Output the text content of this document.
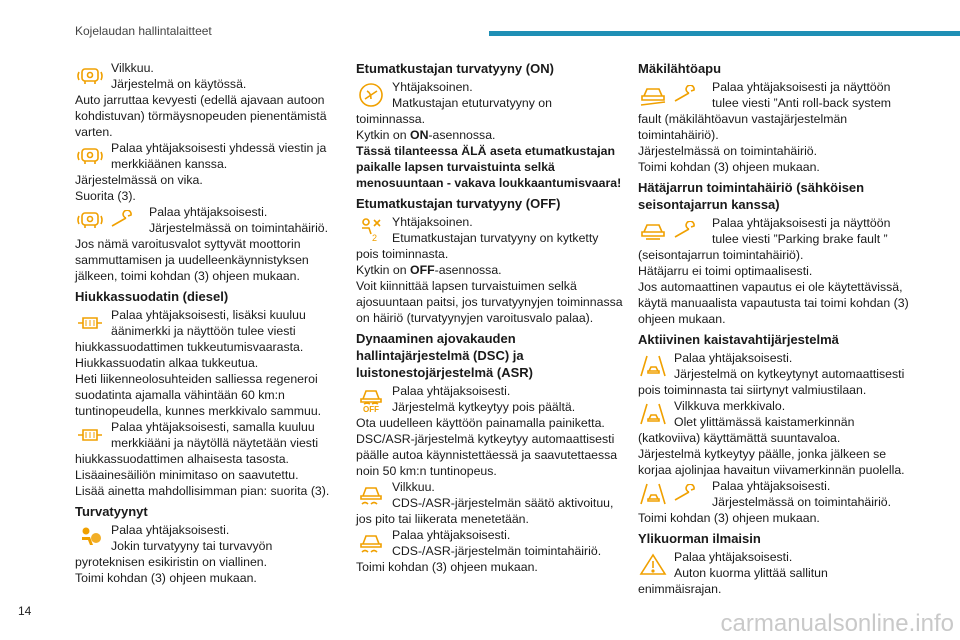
Kojelaudan hallintalaitteet
Vilkkuu.
Järjestelmä on käytössä.

Auto jarruttaa kevyesti (edellä ajavaan autoon kohdistuvan) törmäysnopeuden pienentämistä varten.

Palaa yhtäjaksoisesti yhdessä viestin ja merkkiäänen kanssa.

Järjestelmässä on vika.

Suorita (3).

Palaa yhtäjaksoisesti.
Järjestelmässä on toimintahäiriö.

Jos nämä varoitusvalot syttyvät moottorin sammuttamisen ja uudelleenkäynnistyksen jälkeen, toimi kohdan (3) ohjeen mukaan.

Hiukkassuodatin (diesel)
Palaa yhtäjaksoisesti, lisäksi kuuluu äänimerkki ja näyttöön tulee viesti

hiukkassuodattimen tukkeutumisvaarasta.

Hiukkassuodatin alkaa tukkeutua.

Heti liikenneolosuhteiden salliessa regeneroi suodatinta ajamalla vähintään 60 km:n tuntinopeudella, kunnes merkkivalo sammuu.

Palaa yhtäjaksoisesti, samalla kuuluu merkkiääni ja näytöllä näytetään viesti

hiukkassuodattimen alhaisesta tasosta.

Lisäainesäiliön minimitaso on saavutettu.

Lisää ainetta mahdollisimman pian: suorita (3).

Turvatyynyt
Palaa yhtäjaksoisesti.
Jokin turvatyyny tai turvavyön

pyroteknisen esikiristin on viallinen.

Toimi kohdan (3) ohjeen mukaan.

Etumatkustajan turvatyyny (ON)
Yhtäjaksoinen.
Matkustajan etuturvatyyny on

toiminnassa.

Kytkin on ON-asennossa.

Tässä tilanteessa ÄLÄ aseta etumatkustajan paikalle lapsen turvaistuinta selkä menosuuntaan - vakava loukkaantumisvaara!

Etumatkustajan turvatyyny (OFF)
2
Yhtäjaksoinen.
Etumatkustajan turvatyyny on kytketty

pois toiminnasta.

Kytkin on OFF-asennossa.

Voit kiinnittää lapsen turvaistuimen selkä ajosuuntaan paitsi, jos turvatyynyjen toiminnassa on häiriö (turvatyynyjen varoitusvalo palaa).

Dynaaminen ajovakauden hallintajärjestelmä (DSC) ja luistonestojärjestelmä (ASR)
OFF
Palaa yhtäjaksoisesti.
Järjestelmä kytkeytyy pois päältä.

Ota uudelleen käyttöön painamalla painiketta. DSC/ASR-järjestelmä kytkeytyy automaattisesti päälle autoa käynnistettäessä ja saavutettaessa noin 50 km:n tuntinopeus.

Vilkkuu.
CDS-/ASR-järjestelmän säätö aktivoituu,

jos pito tai liikerata menetetään.

Palaa yhtäjaksoisesti.
CDS-/ASR-järjestelmän toimintahäiriö.

Toimi kohdan (3) ohjeen mukaan.

Mäkilähtöapu
Palaa yhtäjaksoisesti ja näyttöön tulee viesti ”Anti roll-back system

fault (mäkilähtöavun vastajärjestelmän toimintahäiriö).

Järjestelmässä on toimintahäiriö.

Toimi kohdan (3) ohjeen mukaan.

Hätäjarrun toimintahäiriö (sähköisen seisontajarrun kanssa)
Palaa yhtäjaksoisesti ja näyttöön tulee viesti ”Parking brake fault ”

(seisontajarrun toimintahäiriö).

Hätäjarru ei toimi optimaalisesti.

Jos automaattinen vapautus ei ole käytettävissä, käytä manuaalista vapautusta tai toimi kohdan (3) ohjeen mukaan.

Aktiivinen kaistavahtijärjestelmä
Palaa yhtäjaksoisesti.
Järjestelmä on kytkeytynyt automaattisesti

pois toiminnasta tai siirtynyt valmiustilaan.

Vilkkuva merkkivalo.
Olet ylittämässä kaistamerkinnän

(katkoviiva) käyttämättä suuntavaloa.

Järjestelmä kytkeytyy päälle, jonka jälkeen se korjaa ajolinjaa havaitun viivamerkinnän puolella.

Palaa yhtäjaksoisesti.
Järjestelmässä on toimintahäiriö.

Toimi kohdan (3) ohjeen mukaan.

Ylikuorman ilmaisin
Palaa yhtäjaksoisesti.
Auton kuorma ylittää sallitun

enimmäisrajan.

14	carmanualsonline.info
